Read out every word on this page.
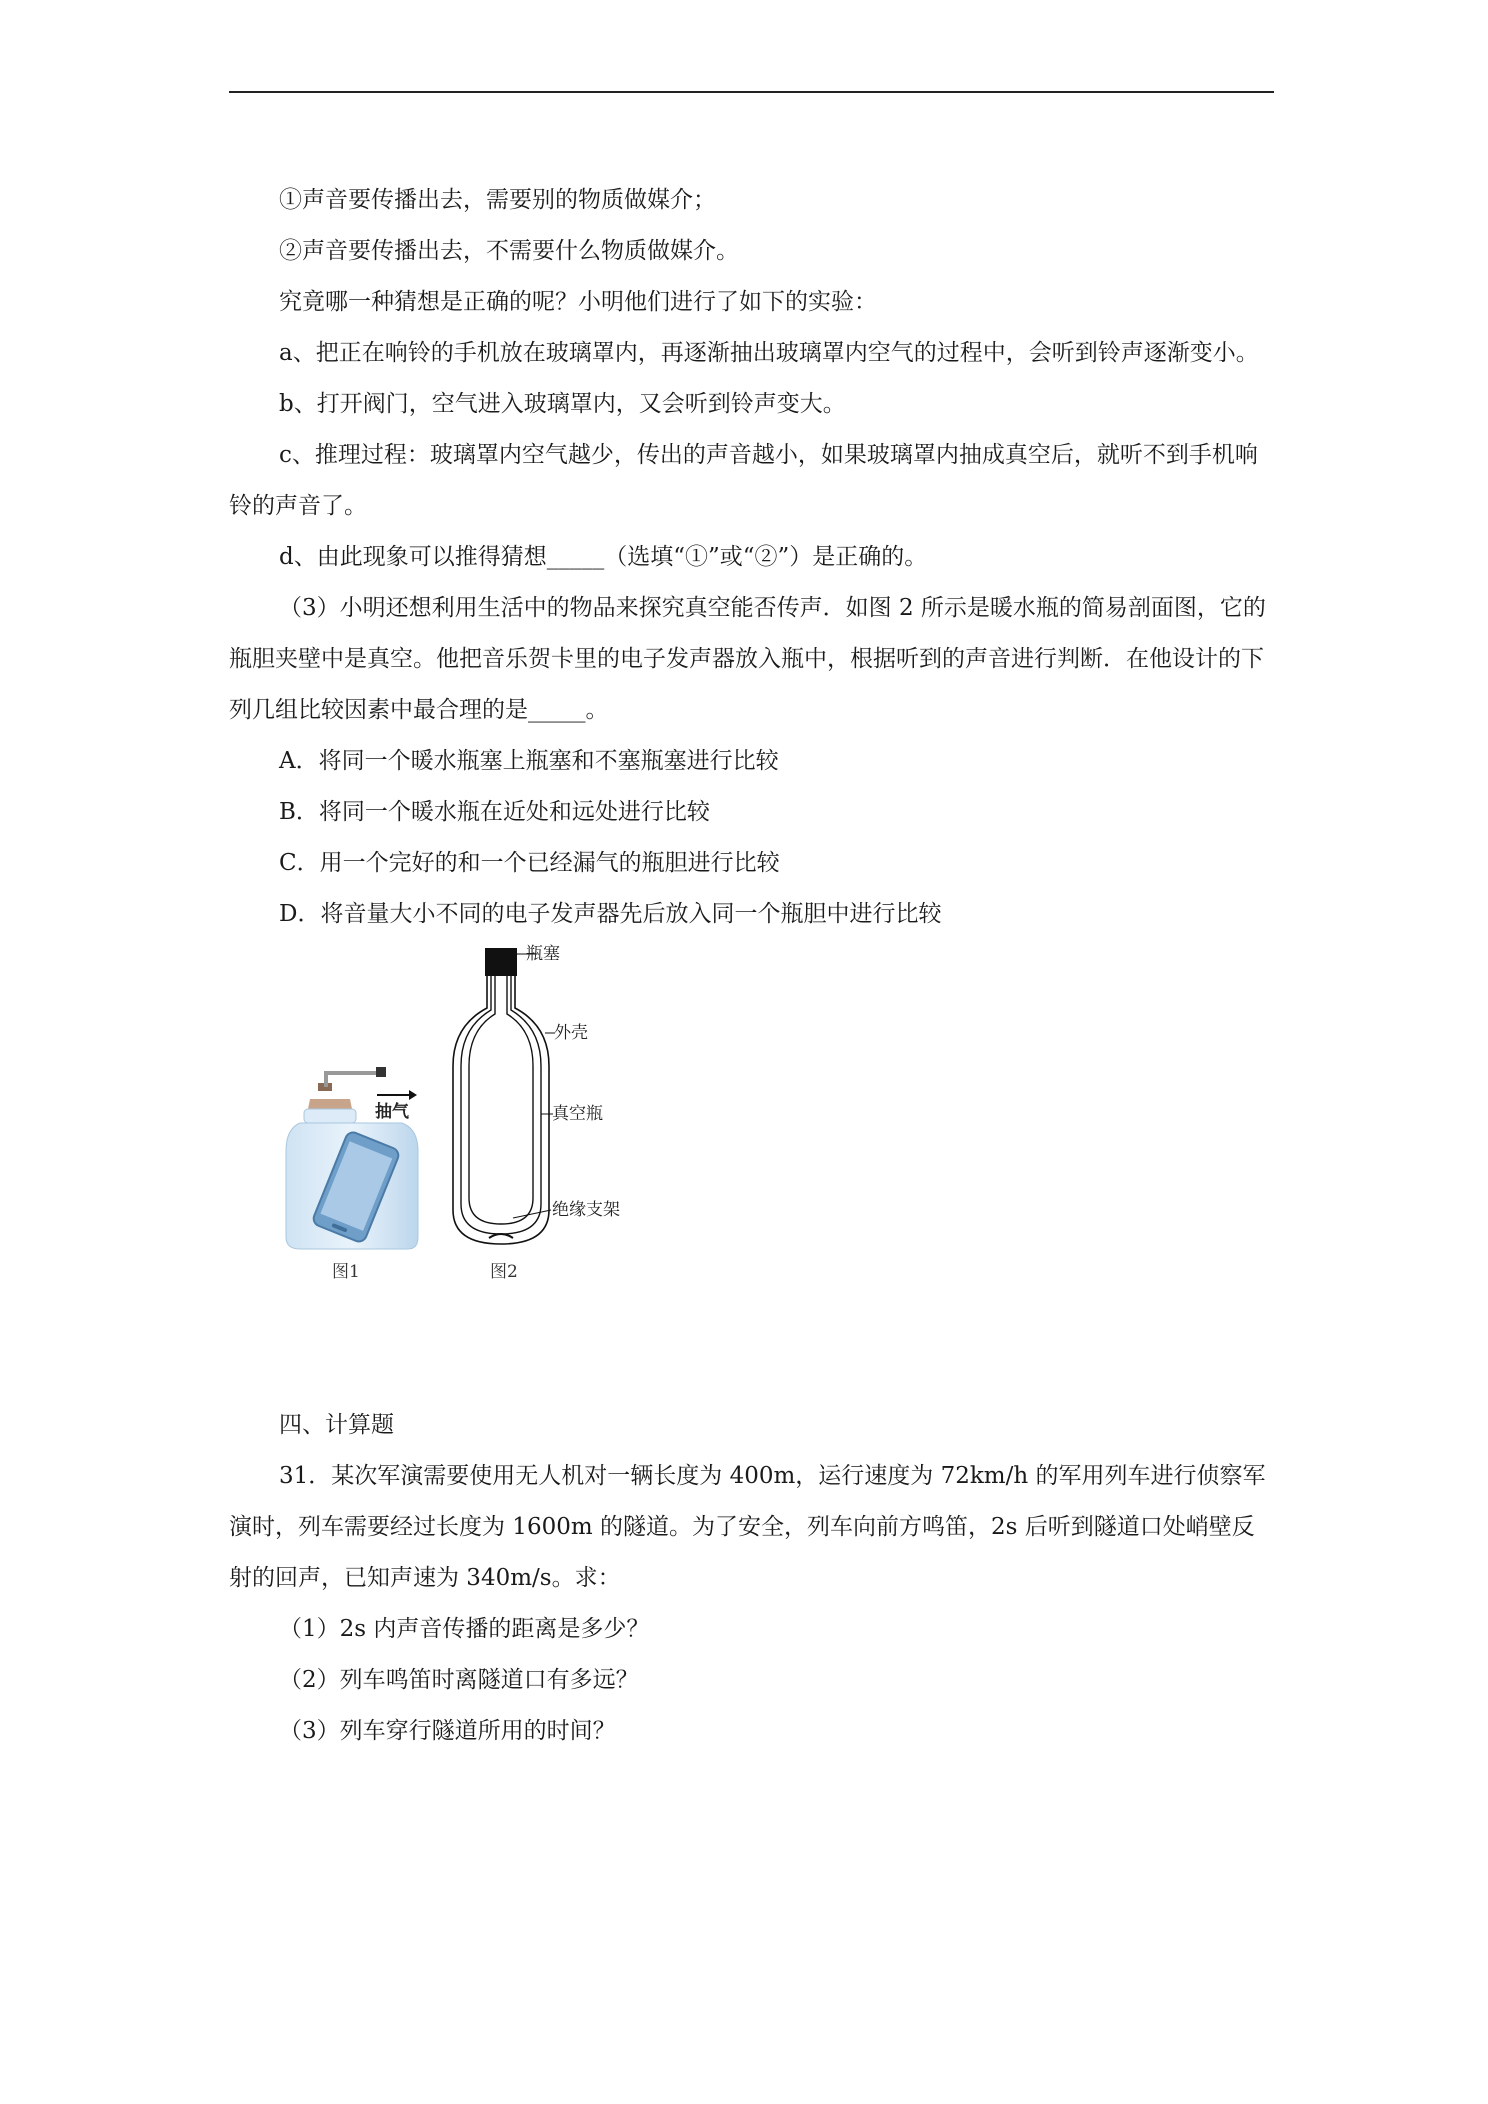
①声音要传播出去，需要别的物质做媒介；

②声音要传播出去，不需要什么物质做媒介。

究竟哪一种猜想是正确的呢？小明他们进行了如下的实验：

a、把正在响铃的手机放在玻璃罩内，再逐渐抽出玻璃罩内空气的过程中，会听到铃声逐渐变小。

b、打开阀门，空气进入玻璃罩内，又会听到铃声变大。

c、推理过程：玻璃罩内空气越少，传出的声音越小，如果玻璃罩内抽成真空后，就听不到手机响铃的声音了。

d、由此现象可以推得猜想_____（选填“①”或“②”）是正确的。

（3）小明还想利用生活中的物品来探究真空能否传声．如图 2 所示是暖水瓶的简易剖面图，它的瓶胆夹壁中是真空。他把音乐贺卡里的电子发声器放入瓶中，根据听到的声音进行判断．在他设计的下列几组比较因素中最合理的是_____。

A．将同一个暖水瓶塞上瓶塞和不塞瓶塞进行比较

B．将同一个暖水瓶在近处和远处进行比较

C．用一个完好的和一个已经漏气的瓶胆进行比较

D．将音量大小不同的电子发声器先后放入同一个瓶胆中进行比较

抽气
图1
瓶塞
外壳
真空瓶
绝缘支架
图2

四、计算题

31．某次军演需要使用无人机对一辆长度为 400m，运行速度为 72km/h 的军用列车进行侦察军演时，列车需要经过长度为 1600m 的隧道。为了安全，列车向前方鸣笛，2s 后听到隧道口处峭壁反射的回声，已知声速为 340m/s。求：

（1）2s 内声音传播的距离是多少？

（2）列车鸣笛时离隧道口有多远？

（3）列车穿行隧道所用的时间？
